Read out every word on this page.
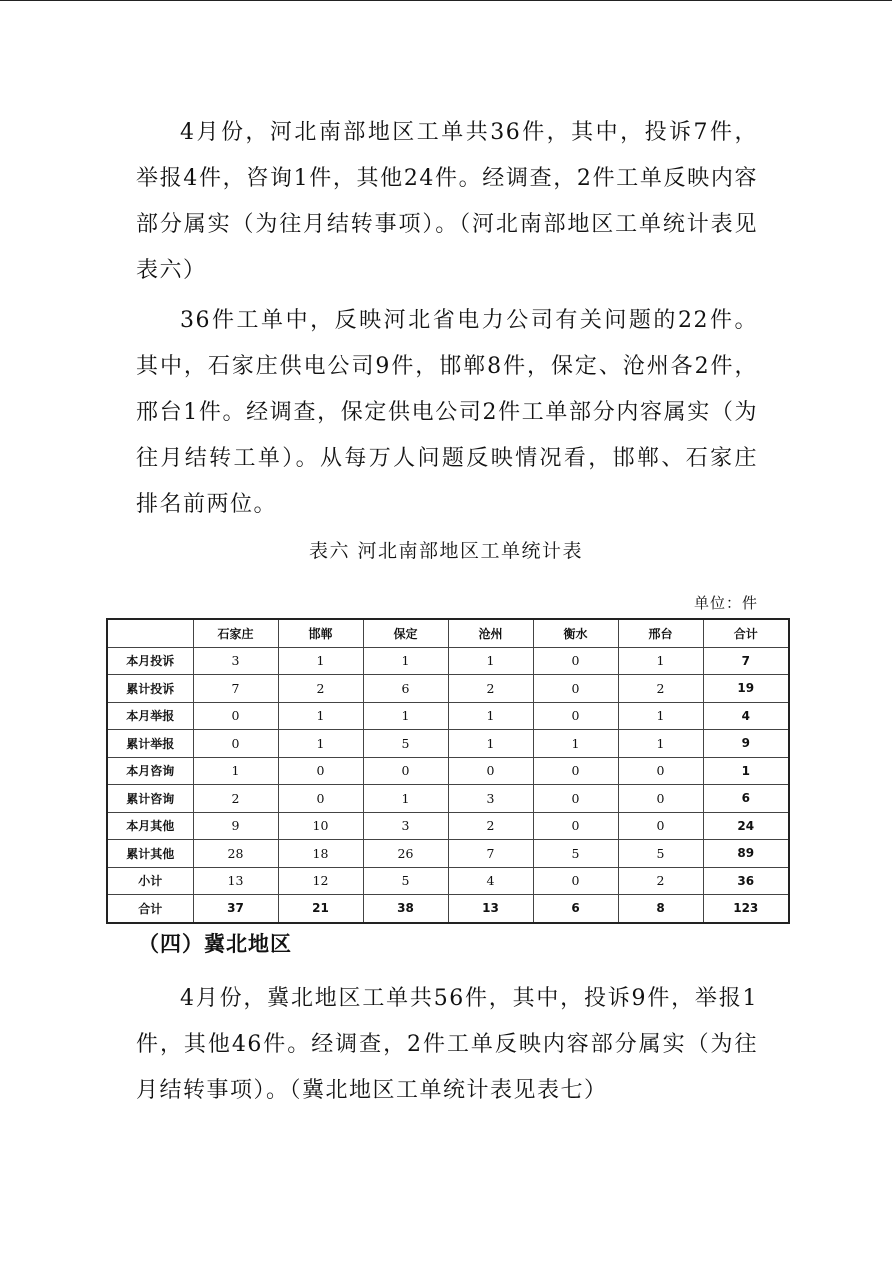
4月份，河北南部地区工单共36件，其中，投诉7件，举报4件，咨询1件，其他24件。经调查，2件工单反映内容部分属实（为往月结转事项）。（河北南部地区工单统计表见表六）

36件工单中，反映河北省电力公司有关问题的22件。其中，石家庄供电公司9件，邯郸8件，保定、沧州各2件，邢台1件。经调查，保定供电公司2件工单部分内容属实（为往月结转工单）。从每万人问题反映情况看，邯郸、石家庄排名前两位。

表六 河北南部地区工单统计表
单位：件
	石家庄	邯郸	保定	沧州	衡水	邢台	合计
本月投诉	3	1	1	1	0	1	7
累计投诉	7	2	6	2	0	2	19
本月举报	0	1	1	1	0	1	4
累计举报	0	1	5	1	1	1	9
本月咨询	1	0	0	0	0	0	1
累计咨询	2	0	1	3	0	0	6
本月其他	9	10	3	2	0	0	24
累计其他	28	18	26	7	5	5	89
小计	13	12	5	4	0	2	36
合计	37	21	38	13	6	8	123
（四）冀北地区

4月份，冀北地区工单共56件，其中，投诉9件，举报1件，其他46件。经调查，2件工单反映内容部分属实（为往月结转事项）。（冀北地区工单统计表见表七）
